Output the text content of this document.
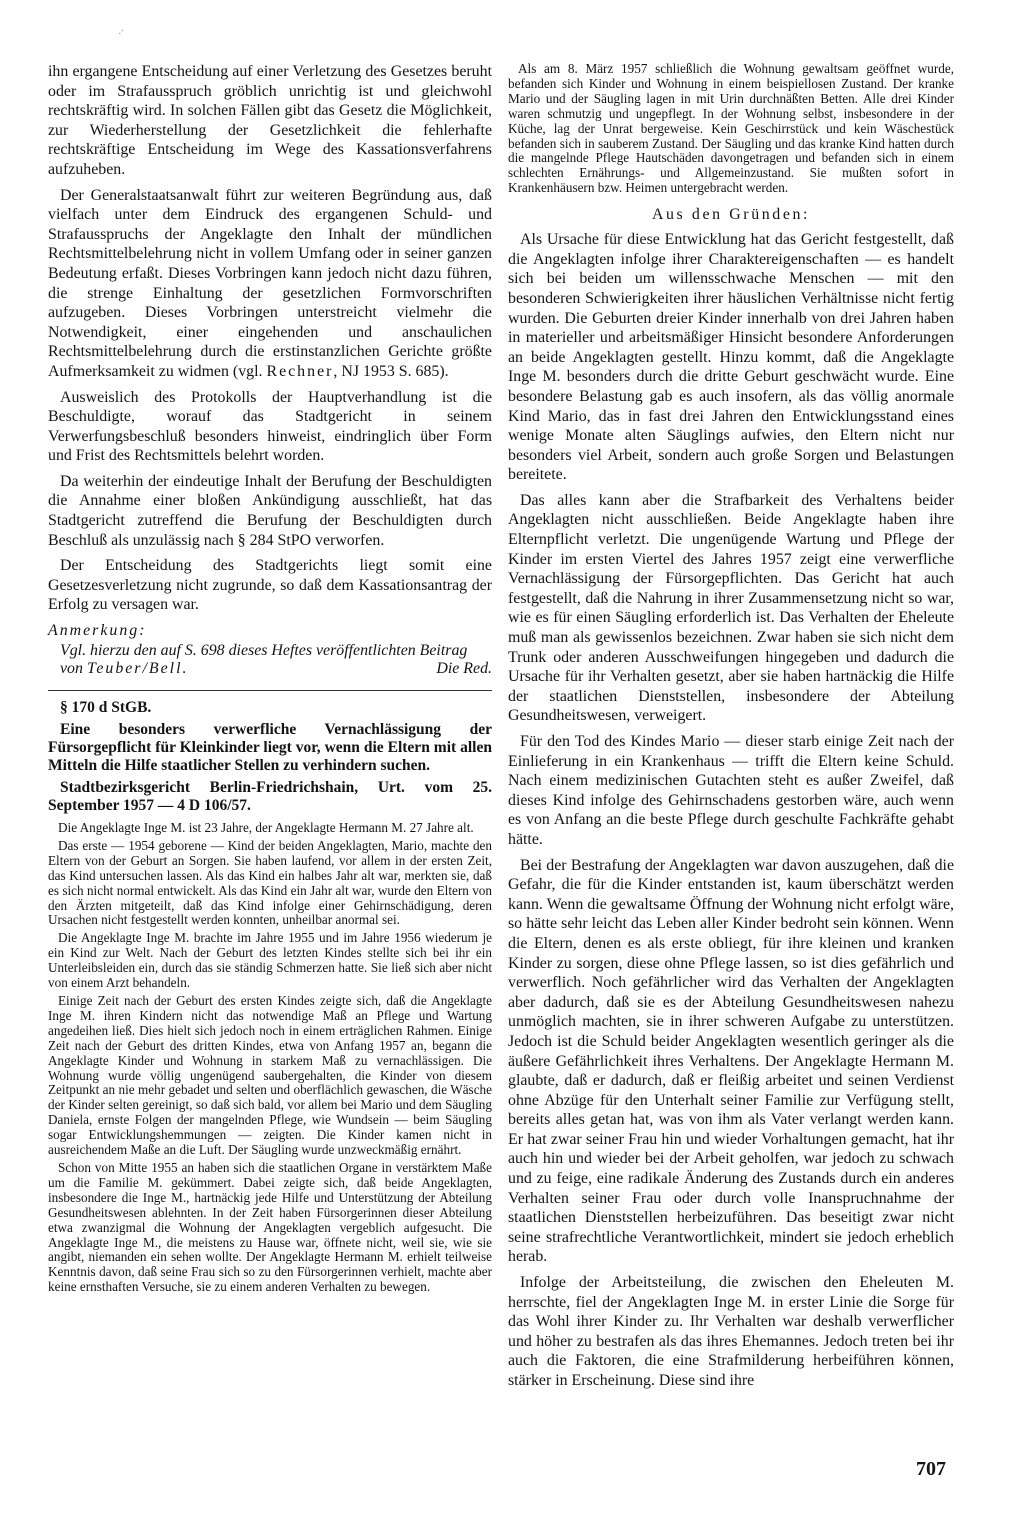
·̕

ihn ergangene Entscheidung auf einer Verletzung des Gesetzes beruht oder im Strafausspruch gröblich unrichtig ist und gleichwohl rechtskräftig wird. In solchen Fällen gibt das Gesetz die Möglichkeit, zur Wiederherstellung der Gesetzlichkeit die fehlerhafte rechtskräftige Entscheidung im Wege des Kassationsverfahrens aufzuheben.

Der Generalstaatsanwalt führt zur weiteren Begründung aus, daß vielfach unter dem Eindruck des ergangenen Schuld- und Strafausspruchs der Angeklagte den Inhalt der mündlichen Rechtsmittelbelehrung nicht in vollem Umfang oder in seiner ganzen Bedeutung erfaßt. Dieses Vorbringen kann jedoch nicht dazu führen, die strenge Einhaltung der gesetzlichen Formvorschriften aufzugeben. Dieses Vorbringen unterstreicht vielmehr die Notwendigkeit, einer eingehenden und anschaulichen Rechtsmittelbelehrung durch die erstinstanzlichen Gerichte größte Aufmerksamkeit zu widmen (vgl. Rechner, NJ 1953 S. 685).

Ausweislich des Protokolls der Hauptverhandlung ist die Beschuldigte, worauf das Stadtgericht in seinem Verwerfungsbeschluß besonders hinweist, eindringlich über Form und Frist des Rechtsmittels belehrt worden.

Da weiterhin der eindeutige Inhalt der Berufung der Beschuldigten die Annahme einer bloßen Ankündigung ausschließt, hat das Stadtgericht zutreffend die Berufung der Beschuldigten durch Beschluß als unzulässig nach § 284 StPO verworfen.

Der Entscheidung des Stadtgerichts liegt somit eine Gesetzesverletzung nicht zugrunde, so daß dem Kassationsantrag der Erfolg zu versagen war.

Anmerkung:

Vgl. hierzu den auf S. 698 dieses Heftes veröffentlichten Beitrag von Teuber/Bell.	Die Red.
§ 170 d StGB.
Eine besonders verwerfliche Vernachlässigung der Fürsorgepflicht für Kleinkinder liegt vor, wenn die Eltern mit allen Mitteln die Hilfe staatlicher Stellen zu verhindern suchen.
Stadtbezirksgericht Berlin-Friedrichshain, Urt. vom 25. September 1957 — 4 D 106/57.

Die Angeklagte Inge M. ist 23 Jahre, der Angeklagte Hermann M. 27 Jahre alt.

Das erste — 1954 geborene — Kind der beiden Angeklagten, Mario, machte den Eltern von der Geburt an Sorgen. Sie haben laufend, vor allem in der ersten Zeit, das Kind untersuchen lassen. Als das Kind ein halbes Jahr alt war, merkten sie, daß es sich nicht normal entwickelt. Als das Kind ein Jahr alt war, wurde den Eltern von den Ärzten mitgeteilt, daß das Kind infolge einer Gehirnschädigung, deren Ursachen nicht festgestellt werden konnten, unheilbar anormal sei.

Die Angeklagte Inge M. brachte im Jahre 1955 und im Jahre 1956 wiederum je ein Kind zur Welt. Nach der Geburt des letzten Kindes stellte sich bei ihr ein Unterleibsleiden ein, durch das sie ständig Schmerzen hatte. Sie ließ sich aber nicht von einem Arzt behandeln.

Einige Zeit nach der Geburt des ersten Kindes zeigte sich, daß die Angeklagte Inge M. ihren Kindern nicht das notwendige Maß an Pflege und Wartung angedeihen ließ. Dies hielt sich jedoch noch in einem erträglichen Rahmen. Einige Zeit nach der Geburt des dritten Kindes, etwa von Anfang 1957 an, begann die Angeklagte Kinder und Wohnung in starkem Maß zu vernachlässigen. Die Wohnung wurde völlig ungenügend saubergehalten, die Kinder von diesem Zeitpunkt an nie mehr gebadet und selten und oberflächlich gewaschen, die Wäsche der Kinder selten gereinigt, so daß sich bald, vor allem bei Mario und dem Säugling Daniela, ernste Folgen der mangelnden Pflege, wie Wundsein — beim Säugling sogar Entwicklungshemmungen — zeigten. Die Kinder kamen nicht in ausreichendem Maße an die Luft. Der Säugling wurde unzweckmäßig ernährt.

Schon von Mitte 1955 an haben sich die staatlichen Organe in verstärktem Maße um die Familie M. gekümmert. Dabei zeigte sich, daß beide Angeklagten, insbesondere die Inge M., hartnäckig jede Hilfe und Unterstützung der Abteilung Gesundheitswesen ablehnten. In der Zeit haben Fürsorgerinnen dieser Abteilung etwa zwanzigmal die Wohnung der Angeklagten vergeblich aufgesucht. Die Angeklagte Inge M., die meistens zu Hause war, öffnete nicht, weil sie, wie sie angibt, niemanden ein sehen wollte. Der Angeklagte Hermann M. erhielt teilweise Kenntnis davon, daß seine Frau sich so zu den Fürsorgerinnen verhielt, machte aber keine ernsthaften Versuche, sie zu einem anderen Verhalten zu bewegen.

Als am 8. März 1957 schließlich die Wohnung gewaltsam geöffnet wurde, befanden sich Kinder und Wohnung in einem beispiellosen Zustand. Der kranke Mario und der Säugling lagen in mit Urin durchnäßten Betten. Alle drei Kinder waren schmutzig und ungepflegt. In der Wohnung selbst, insbesondere in der Küche, lag der Unrat bergeweise. Kein Geschirrstück und kein Wäschestück befanden sich in sauberem Zustand. Der Säugling und das kranke Kind hatten durch die mangelnde Pflege Hautschäden davongetragen und befanden sich in einem schlechten Ernährungs- und Allgemeinzustand. Sie mußten sofort in Krankenhäusern bzw. Heimen untergebracht werden.

Aus den Gründen:

Als Ursache für diese Entwicklung hat das Gericht festgestellt, daß die Angeklagten infolge ihrer Charaktereigenschaften — es handelt sich bei beiden um willensschwache Menschen — mit den besonderen Schwierigkeiten ihrer häuslichen Verhältnisse nicht fertig wurden. Die Geburten dreier Kinder innerhalb von drei Jahren haben in materieller und arbeitsmäßiger Hinsicht besondere Anforderungen an beide Angeklagten gestellt. Hinzu kommt, daß die Angeklagte Inge M. besonders durch die dritte Geburt geschwächt wurde. Eine besondere Belastung gab es auch insofern, als das völlig anormale Kind Mario, das in fast drei Jahren den Entwicklungsstand eines wenige Monate alten Säuglings aufwies, den Eltern nicht nur besonders viel Arbeit, sondern auch große Sorgen und Belastungen bereitete.

Das alles kann aber die Strafbarkeit des Verhaltens beider Angeklagten nicht ausschließen. Beide Angeklagte haben ihre Elternpflicht verletzt. Die ungenügende Wartung und Pflege der Kinder im ersten Viertel des Jahres 1957 zeigt eine verwerfliche Vernachlässigung der Fürsorgepflichten. Das Gericht hat auch festgestellt, daß die Nahrung in ihrer Zusammensetzung nicht so war, wie es für einen Säugling erforderlich ist. Das Verhalten der Eheleute muß man als gewissenlos bezeichnen. Zwar haben sie sich nicht dem Trunk oder anderen Ausschweifungen hingegeben und dadurch die Ursache für ihr Verhalten gesetzt, aber sie haben hartnäckig die Hilfe der staatlichen Dienststellen, insbesondere der Abteilung Gesundheitswesen, verweigert.

Für den Tod des Kindes Mario — dieser starb einige Zeit nach der Einlieferung in ein Krankenhaus — trifft die Eltern keine Schuld. Nach einem medizinischen Gutachten steht es außer Zweifel, daß dieses Kind infolge des Gehirnschadens gestorben wäre, auch wenn es von Anfang an die beste Pflege durch geschulte Fachkräfte gehabt hätte.

Bei der Bestrafung der Angeklagten war davon auszugehen, daß die Gefahr, die für die Kinder entstanden ist, kaum überschätzt werden kann. Wenn die gewaltsame Öffnung der Wohnung nicht erfolgt wäre, so hätte sehr leicht das Leben aller Kinder bedroht sein können. Wenn die Eltern, denen es als erste obliegt, für ihre kleinen und kranken Kinder zu sorgen, diese ohne Pflege lassen, so ist dies gefährlich und verwerflich. Noch gefährlicher wird das Verhalten der Angeklagten aber dadurch, daß sie es der Abteilung Gesundheitswesen nahezu unmöglich machten, sie in ihrer schweren Aufgabe zu unterstützen. Jedoch ist die Schuld beider Angeklagten wesentlich geringer als die äußere Gefährlichkeit ihres Verhaltens. Der Angeklagte Hermann M. glaubte, daß er dadurch, daß er fleißig arbeitet und seinen Verdienst ohne Abzüge für den Unterhalt seiner Familie zur Verfügung stellt, bereits alles getan hat, was von ihm als Vater verlangt werden kann. Er hat zwar seiner Frau hin und wieder Vorhaltungen gemacht, hat ihr auch hin und wieder bei der Arbeit geholfen, war jedoch zu schwach und zu feige, eine radikale Änderung des Zustands durch ein anderes Verhalten seiner Frau oder durch volle Inanspruchnahme der staatlichen Dienststellen herbeizuführen. Das beseitigt zwar nicht seine strafrechtliche Verantwortlichkeit, mindert sie jedoch erheblich herab.

Infolge der Arbeitsteilung, die zwischen den Eheleuten M. herrschte, fiel der Angeklagten Inge M. in erster Linie die Sorge für das Wohl ihrer Kinder zu. Ihr Verhalten war deshalb verwerflicher und höher zu bestrafen als das ihres Ehemannes. Jedoch treten bei ihr auch die Faktoren, die eine Strafmilderung herbeiführen können, stärker in Erscheinung. Diese sind ihre

707
